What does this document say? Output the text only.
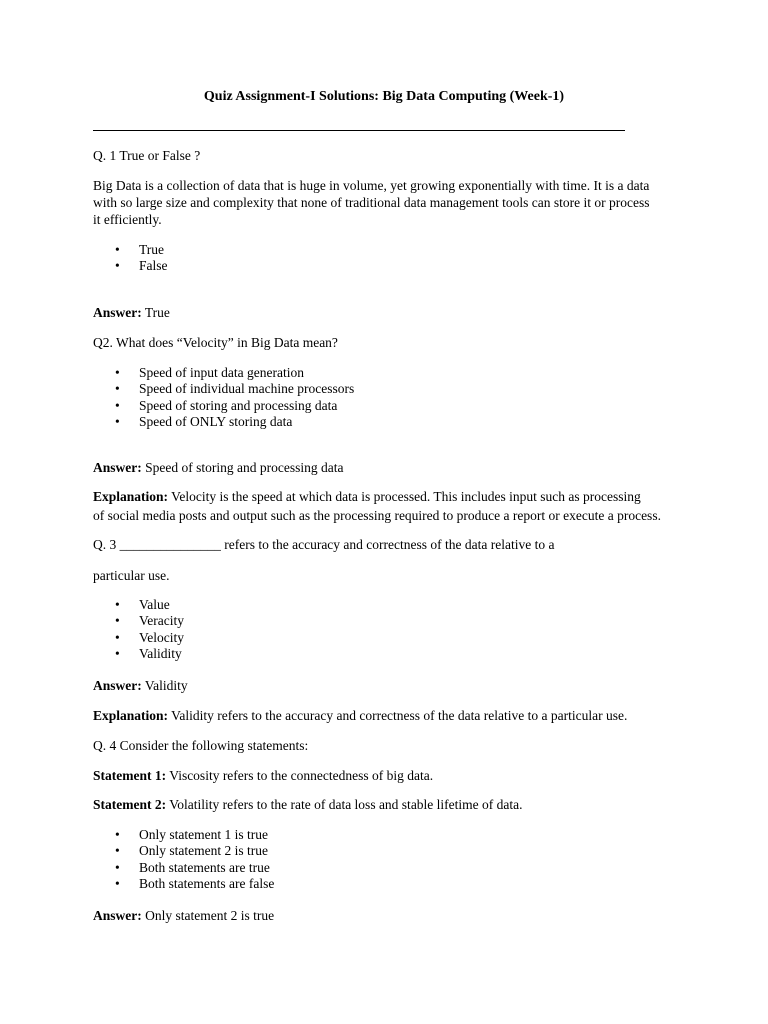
Quiz Assignment-I Solutions: Big Data Computing (Week-1)

Q. 1 True or False ?

Big Data is a collection of data that is huge in volume, yet growing exponentially with time. It is a data

with so large size and complexity that none of traditional data management tools can store it or process

it efficiently.

• True
• False

Answer: True

Q2. What does “Velocity” in Big Data mean?

• Speed of input data generation
• Speed of individual machine processors
• Speed of storing and processing data
• Speed of ONLY storing data

Answer: Speed of storing and processing data

Explanation: Velocity is the speed at which data is processed. This includes input such as processing

of social media posts and output such as the processing required to produce a report or execute a process.

Q. 3 _______________ refers to the accuracy and correctness of the data relative to a

particular use.

• Value
• Veracity
• Velocity
• Validity

Answer: Validity

Explanation: Validity refers to the accuracy and correctness of the data relative to a particular use.

Q. 4 Consider the following statements:

Statement 1: Viscosity refers to the connectedness of big data.

Statement 2: Volatility refers to the rate of data loss and stable lifetime of data.

• Only statement 1 is true
• Only statement 2 is true
• Both statements are true
• Both statements are false

Answer: Only statement 2 is true
